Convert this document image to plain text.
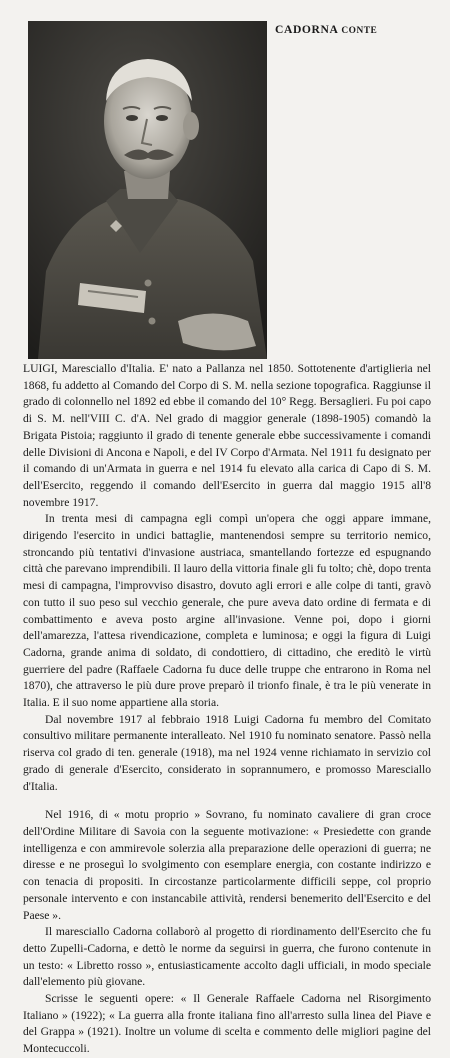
CADORNA CONTE

LUIGI, Maresciallo d'Italia. E' nato a Pallanza nel 1850. Sottotenente d'artiglieria nel 1868, fu addetto al Comando del Corpo di S. M. nella sezione topografica. Raggiunse il grado di colonnello nel 1892 ed ebbe il comando del 10° Regg. Bersaglieri. Fu poi capo di S. M. nell'VIII C. d'A. Nel grado di maggior generale (1898-1905) comandò la Brigata Pistoia; raggiunto il grado di tenente generale ebbe successivamente i comandi delle Divisioni di Ancona e Napoli, e del IV Corpo d'Armata. Nel 1911 fu designato per il comando di un'Armata in guerra e nel 1914 fu elevato alla carica di Capo di S. M. dell'Esercito, reggendo il comando dell'Esercito in guerra dal maggio 1915 all'8 novembre 1917.

In trenta mesi di campagna egli compì un'opera che oggi appare immane, dirigendo l'esercito in undici battaglie, mantenendosi sempre su territorio nemico, stroncando più tentativi d'invasione austriaca, smantellando fortezze ed espugnando città che parevano imprendibili. Il lauro della vittoria finale gli fu tolto; chè, dopo trenta mesi di campagna, l'improvviso disastro, dovuto agli errori e alle colpe di tanti, gravò con tutto il suo peso sul vecchio generale, che pure aveva dato ordine di fermata e di combattimento e aveva posto argine all'invasione. Venne poi, dopo i giorni dell'amarezza, l'attesa rivendicazione, completa e luminosa; e oggi la figura di Luigi Cadorna, grande anima di soldato, di condottiero, di cittadino, che ereditò le virtù guerriere del padre (Raffaele Cadorna fu duce delle truppe che entrarono in Roma nel 1870), che attraverso le più dure prove preparò il trionfo finale, è tra le più venerate in Italia. E il suo nome appartiene alla storia.

Dal novembre 1917 al febbraio 1918 Luigi Cadorna fu membro del Comitato consultivo militare permanente interalleato. Nel 1910 fu nominato senatore. Passò nella riserva col grado di ten. generale (1918), ma nel 1924 venne richiamato in servizio col grado di generale d'Esercito, considerato in soprannumero, e promosso Maresciallo d'Italia.

Nel 1916, di « motu proprio » Sovrano, fu nominato cavaliere di gran croce dell'Ordine Militare di Savoia con la seguente motivazione: « Presiedette con grande intelligenza e con ammirevole solerzia alla preparazione delle operazioni di guerra; ne diresse e ne proseguì lo svolgimento con esemplare energia, con costante indirizzo e con tenacia di propositi. In circostanze particolarmente difficili seppe, col proprio personale intervento e con instancabile attività, rendersi benemerito dell'Esercito e del Paese ».

Il maresciallo Cadorna collaborò al progetto di riordinamento dell'Esercito che fu detto Zupelli-Cadorna, e dettò le norme da seguirsi in guerra, che furono contenute in un testo: « Libretto rosso », entusiasticamente accolto dagli ufficiali, in modo speciale dall'elemento più giovane.

Scrisse le seguenti opere: « Il Generale Raffaele Cadorna nel Risorgimento Italiano » (1922); « La guerra alla fronte italiana fino all'arresto sulla linea del Piave e del Grappa » (1921). Inoltre un volume di scelta e commento delle migliori pagine del Montecuccoli.
